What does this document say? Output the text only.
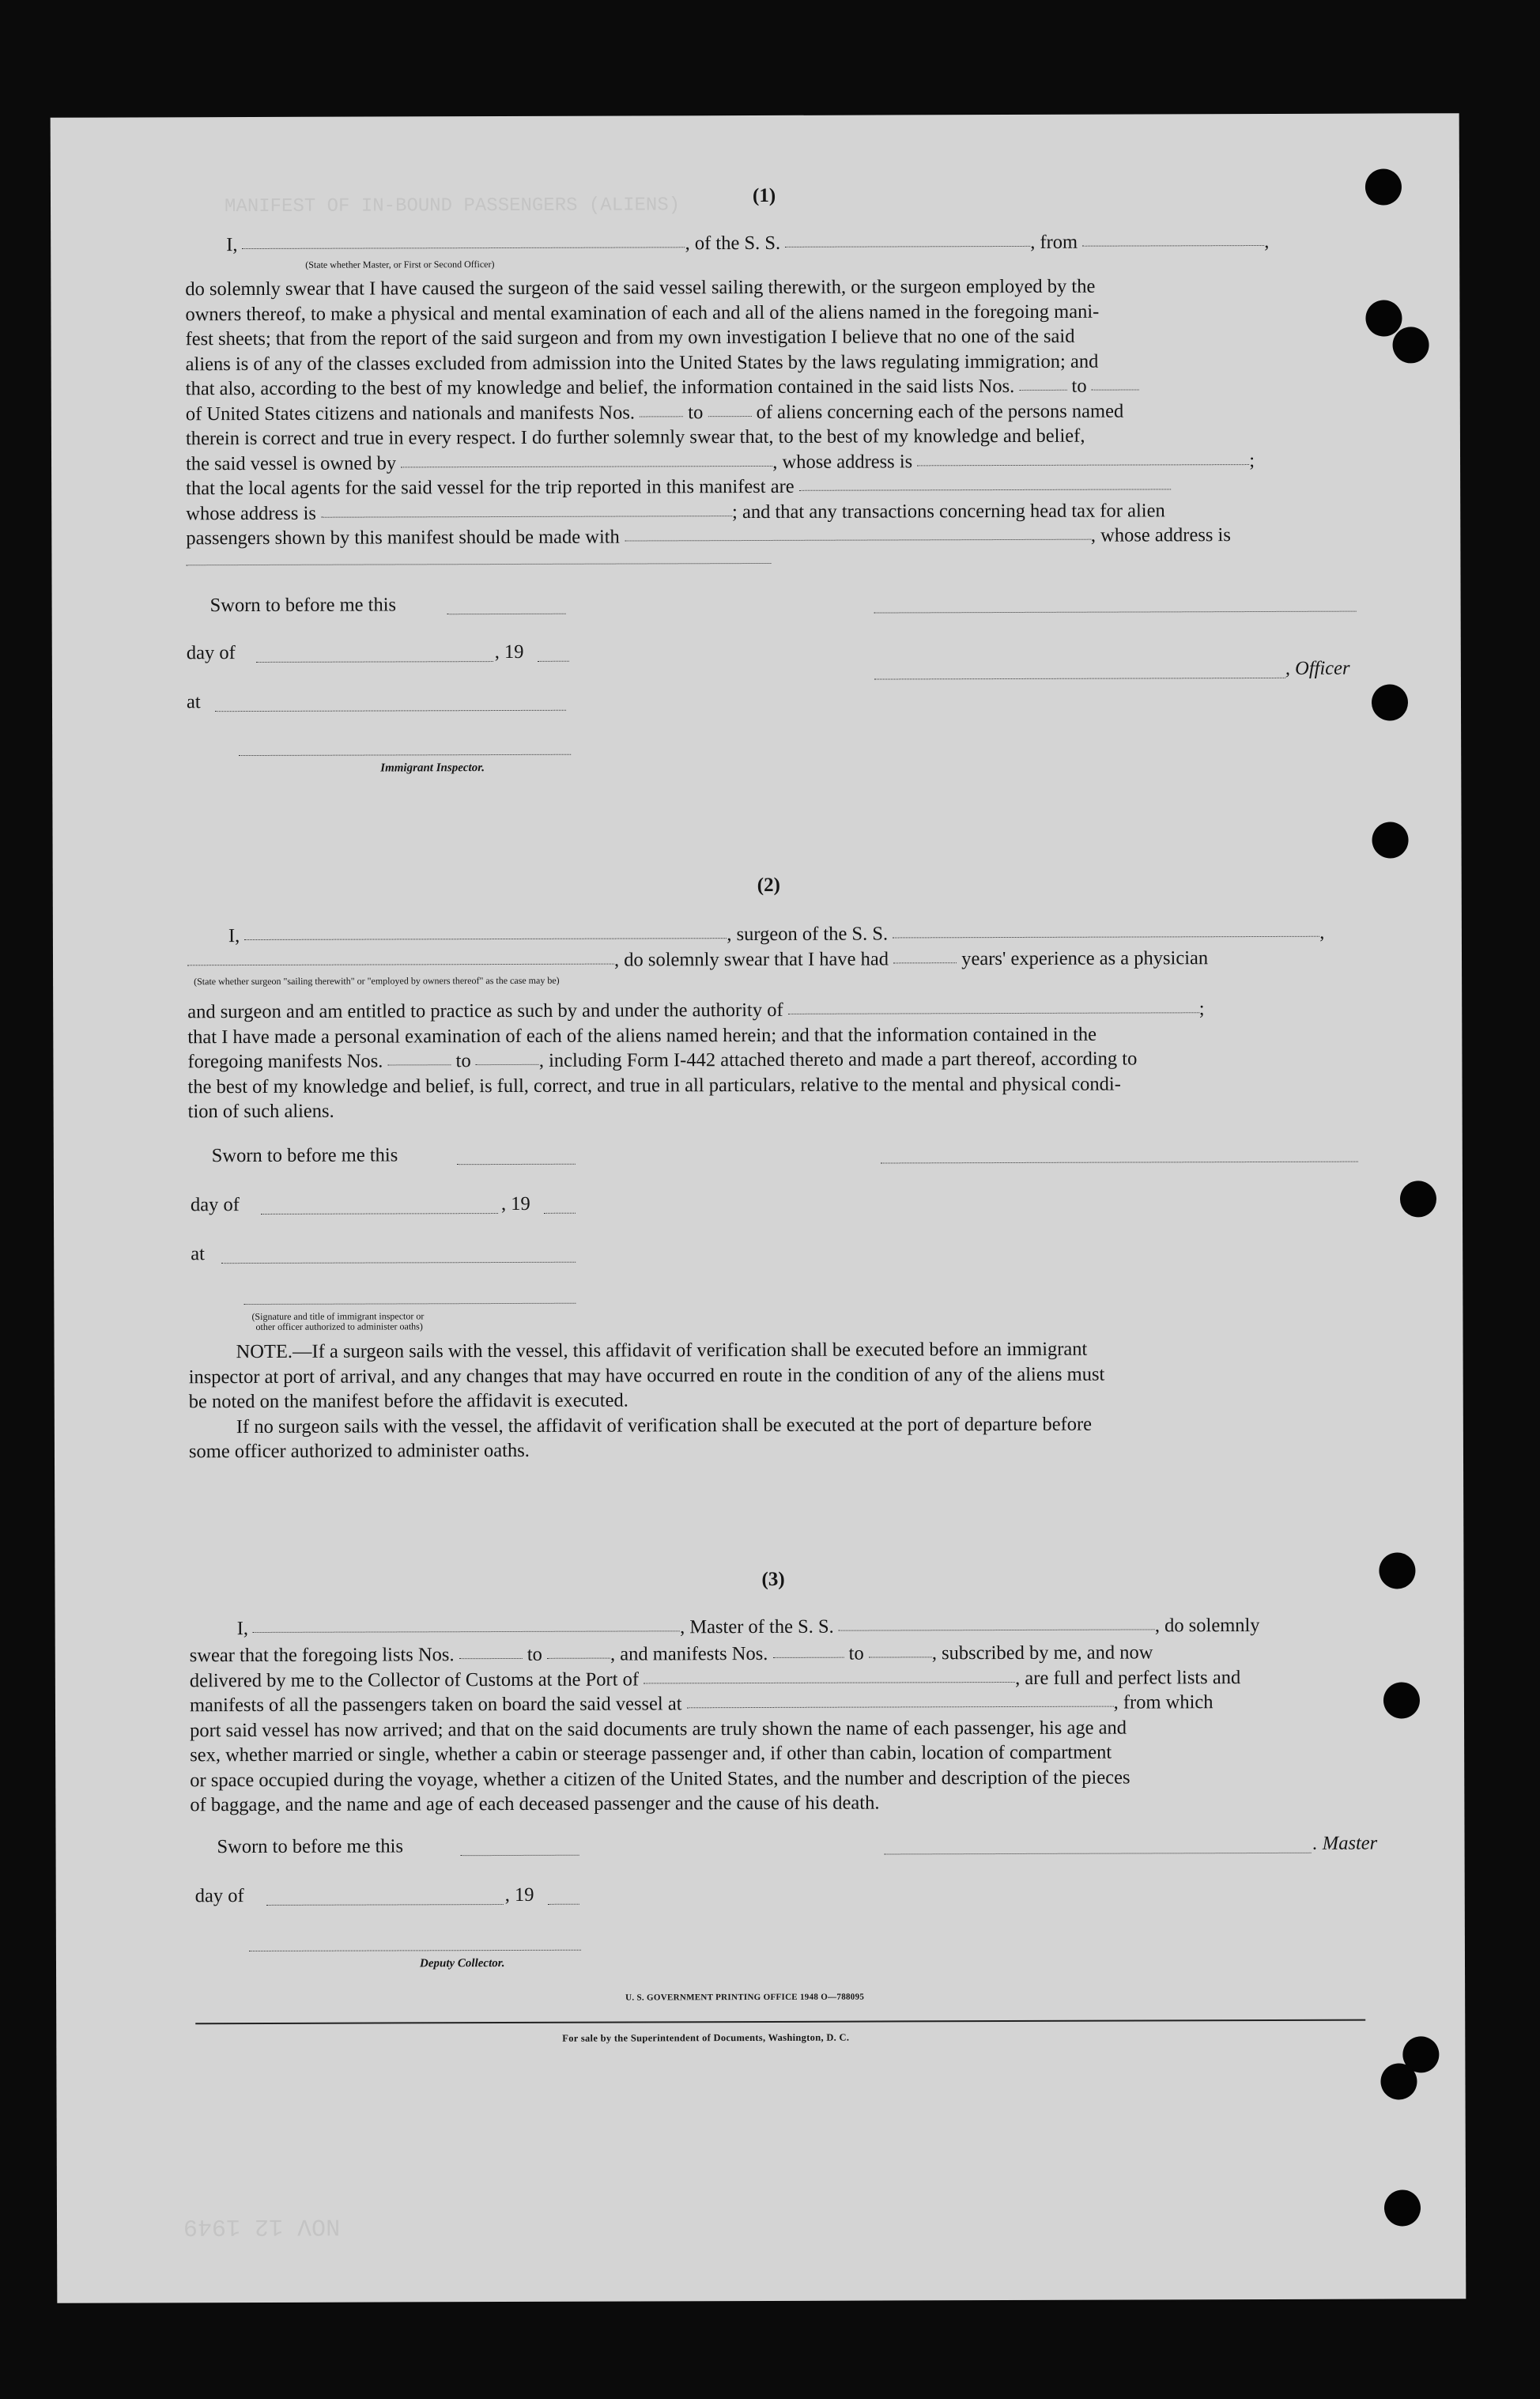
MANIFEST OF IN-BOUND PASSENGERS (ALIENS)
NOV 12 1949
(1)
I,	, of the S. S.	, from	,
(State whether Master, or First or Second Officer)
do solemnly swear that I have caused the surgeon of the said vessel sailing therewith, or the surgeon employed by the
owners thereof, to make a physical and mental examination of each and all of the aliens named in the foregoing mani-
fest sheets; that from the report of the said surgeon and from my own investigation I believe that no one of the said
aliens is of any of the classes excluded from admission into the United States by the laws regulating immigration; and
that also, according to the best of my knowledge and belief, the information contained in the said lists Nos.	to
of United States citizens and nationals and manifests Nos.	to	of aliens concerning each of the persons named
therein is correct and true in every respect. I do further solemnly swear that, to the best of my knowledge and belief,
the said vessel is owned by	, whose address is	;
that the local agents for the said vessel for the trip reported in this manifest are
whose address is	; and that any transactions concerning head tax for alien
passengers shown by this manifest should be made with	, whose address is
Sworn to before me this
day of	, 19
, Officer
at
Immigrant Inspector.
(2)
I,	, surgeon of the S. S.	,
, do solemnly swear that I have had	years' experience as a physician
(State whether surgeon "sailing therewith" or "employed by owners thereof" as the case may be)
and surgeon and am entitled to practice as such by and under the authority of	;
that I have made a personal examination of each of the aliens named herein; and that the information contained in the
foregoing manifests Nos.	to	, including Form I-442 attached thereto and made a part thereof, according to
the best of my knowledge and belief, is full, correct, and true in all particulars, relative to the mental and physical condi-
tion of such aliens.
Sworn to before me this
day of	, 19
at
(Signature and title of immigrant inspector or
other officer authorized to administer oaths)
NOTE.—If a surgeon sails with the vessel, this affidavit of verification shall be executed before an immigrant
inspector at port of arrival, and any changes that may have occurred en route in the condition of any of the aliens must
be noted on the manifest before the affidavit is executed.
If no surgeon sails with the vessel, the affidavit of verification shall be executed at the port of departure before
some officer authorized to administer oaths.
(3)
I,	, Master of the S. S.	, do solemnly
swear that the foregoing lists Nos.	to	, and manifests Nos.	to	, subscribed by me, and now
delivered by me to the Collector of Customs at the Port of	, are full and perfect lists and
manifests of all the passengers taken on board the said vessel at	, from which
port said vessel has now arrived; and that on the said documents are truly shown the name of each passenger, his age and
sex, whether married or single, whether a cabin or steerage passenger and, if other than cabin, location of compartment
or space occupied during the voyage, whether a citizen of the United States, and the number and description of the pieces
of baggage, and the name and age of each deceased passenger and the cause of his death.
Sworn to before me this	. Master
day of	, 19
Deputy Collector.
U. S. GOVERNMENT PRINTING OFFICE 1948 O—788095
For sale by the Superintendent of Documents, Washington, D. C.
